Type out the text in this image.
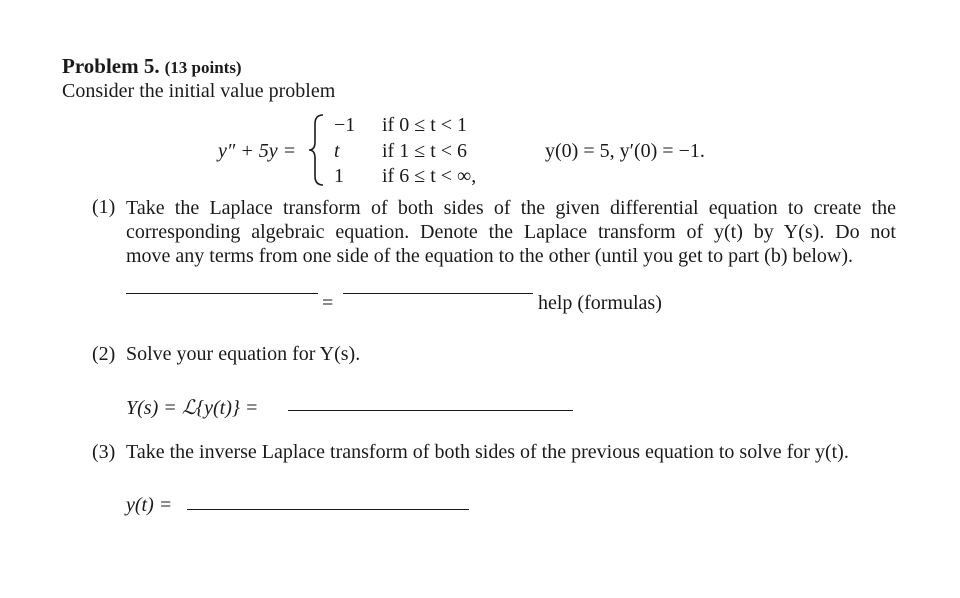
Problem 5. (13 points)
Consider the initial value problem
y″ + 5y =
−1 if 0 ≤ t < 1
t if 1 ≤ t < 6
1 if 6 ≤ t < ∞,
y(0) = 5, y′(0) = −1.
(1) Take the Laplace transform of both sides of the given differential equation to create the
corresponding algebraic equation. Denote the Laplace transform of y(t) by Y(s). Do not
move any terms from one side of the equation to the other (until you get to part (b) below).
=	help (formulas)
(2) Solve your equation for Y(s).
Y(s) = ℒ{y(t)} =
(3) Take the inverse Laplace transform of both sides of the previous equation to solve for y(t).
y(t) =
